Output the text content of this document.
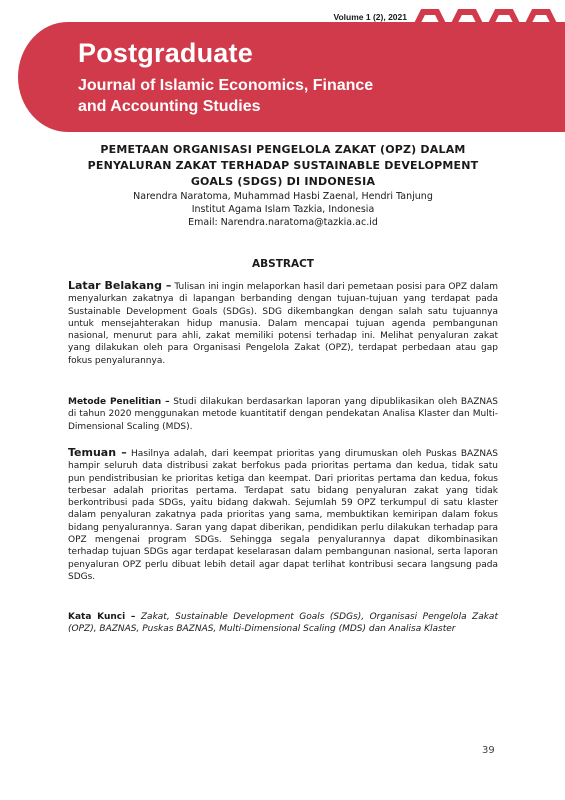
Volume 1 (2), 2021
Postgraduate
Journal of Islamic Economics, Finance
and Accounting Studies
PEMETAAN ORGANISASI PENGELOLA ZAKAT (OPZ) DALAM
PENYALURAN ZAKAT TERHADAP SUSTAINABLE DEVELOPMENT
GOALS (SDGS) DI INDONESIA
Narendra Naratoma, Muhammad Hasbi Zaenal, Hendri Tanjung
Institut Agama Islam Tazkia, Indonesia
Email: Narendra.naratoma@tazkia.ac.id
ABSTRACT
Latar Belakang – Tulisan ini ingin melaporkan hasil dari pemetaan posisi para OPZ dalam menyalurkan zakatnya di lapangan berbanding dengan tujuan-tujuan yang terdapat pada Sustainable Development Goals (SDGs). SDG dikembangkan dengan salah satu tujuannya untuk mensejahterakan hidup manusia. Dalam mencapai tujuan agenda pembangunan nasional, menurut para ahli, zakat memiliki potensi terhadap ini. Melihat penyaluran zakat yang dilakukan oleh para Organisasi Pengelola Zakat (OPZ), terdapat perbedaan atau gap fokus penyalurannya.
Metode Penelitian – Studi dilakukan berdasarkan laporan yang dipublikasikan oleh BAZNAS di tahun 2020 menggunakan metode kuantitatif dengan pendekatan Analisa Klaster dan Multi-Dimensional Scaling (MDS).
Temuan – Hasilnya adalah, dari keempat prioritas yang dirumuskan oleh Puskas BAZNAS hampir seluruh data distribusi zakat berfokus pada prioritas pertama dan kedua, tidak satu pun pendistribusian ke prioritas ketiga dan keempat. Dari prioritas pertama dan kedua, fokus terbesar adalah prioritas pertama. Terdapat satu bidang penyaluran zakat yang tidak berkontribusi pada SDGs, yaitu bidang dakwah. Sejumlah 59 OPZ terkumpul di satu klaster dalam penyaluran zakatnya pada prioritas yang sama, membuktikan kemiripan dalam fokus bidang penyalurannya. Saran yang dapat diberikan, pendidikan perlu dilakukan terhadap para OPZ mengenai program SDGs. Sehingga segala penyalurannya dapat dikombinasikan terhadap tujuan SDGs agar terdapat keselarasan dalam pembangunan nasional, serta laporan penyaluran OPZ perlu dibuat lebih detail agar dapat terlihat kontribusi secara langsung pada SDGs.
Kata Kunci – Zakat, Sustainable Development Goals (SDGs), Organisasi Pengelola Zakat (OPZ), BAZNAS, Puskas BAZNAS, Multi-Dimensional Scaling (MDS) dan Analisa Klaster
39
